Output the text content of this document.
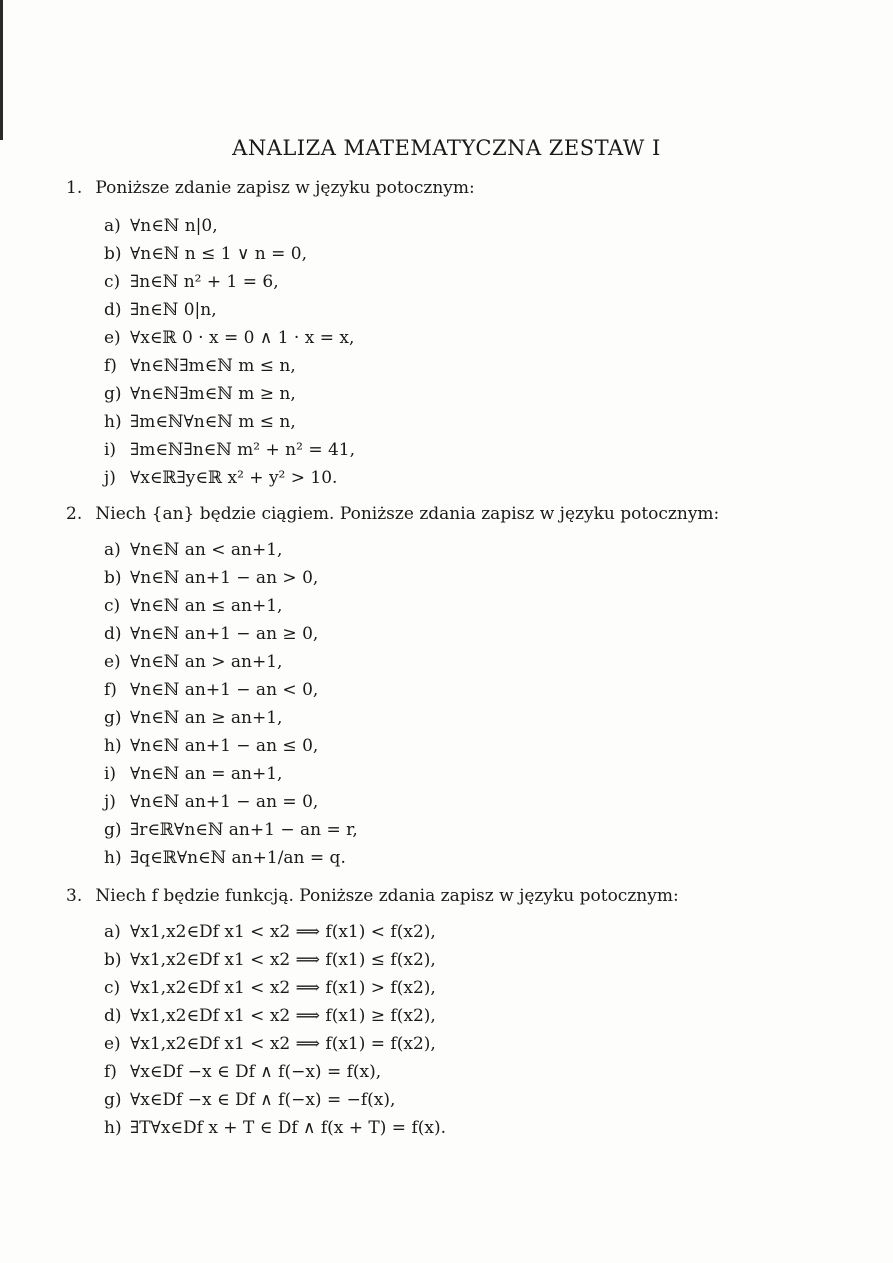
ANALIZA MATEMATYCZNA ZESTAW I
1. Poniższe zdanie zapisz w języku potocznym:
a) ∀n∈ℕ n|0,
b) ∀n∈ℕ n ≤ 1 ∨ n = 0,
c) ∃n∈ℕ n² + 1 = 6,
d) ∃n∈ℕ 0|n,
e) ∀x∈ℝ 0 · x = 0 ∧ 1 · x = x,
f) ∀n∈ℕ∃m∈ℕ m ≤ n,
g) ∀n∈ℕ∃m∈ℕ m ≥ n,
h) ∃m∈ℕ∀n∈ℕ m ≤ n,
i) ∃m∈ℕ∃n∈ℕ m² + n² = 41,
j) ∀x∈ℝ∃y∈ℝ x² + y² > 10.
2. Niech {an} będzie ciągiem. Poniższe zdania zapisz w języku potocznym:
a) ∀n∈ℕ an < an+1,
b) ∀n∈ℕ an+1 − an > 0,
c) ∀n∈ℕ an ≤ an+1,
d) ∀n∈ℕ an+1 − an ≥ 0,
e) ∀n∈ℕ an > an+1,
f) ∀n∈ℕ an+1 − an < 0,
g) ∀n∈ℕ an ≥ an+1,
h) ∀n∈ℕ an+1 − an ≤ 0,
i) ∀n∈ℕ an = an+1,
j) ∀n∈ℕ an+1 − an = 0,
g) ∃r∈ℝ∀n∈ℕ an+1 − an = r,
h) ∃q∈ℝ∀n∈ℕ an+1/an = q.
3. Niech f będzie funkcją. Poniższe zdania zapisz w języku potocznym:
a) ∀x1,x2∈Df x1 < x2 ⟹ f(x1) < f(x2),
b) ∀x1,x2∈Df x1 < x2 ⟹ f(x1) ≤ f(x2),
c) ∀x1,x2∈Df x1 < x2 ⟹ f(x1) > f(x2),
d) ∀x1,x2∈Df x1 < x2 ⟹ f(x1) ≥ f(x2),
e) ∀x1,x2∈Df x1 < x2 ⟹ f(x1) = f(x2),
f) ∀x∈Df −x ∈ Df ∧ f(−x) = f(x),
g) ∀x∈Df −x ∈ Df ∧ f(−x) = −f(x),
h) ∃T∀x∈Df x + T ∈ Df ∧ f(x + T) = f(x).
